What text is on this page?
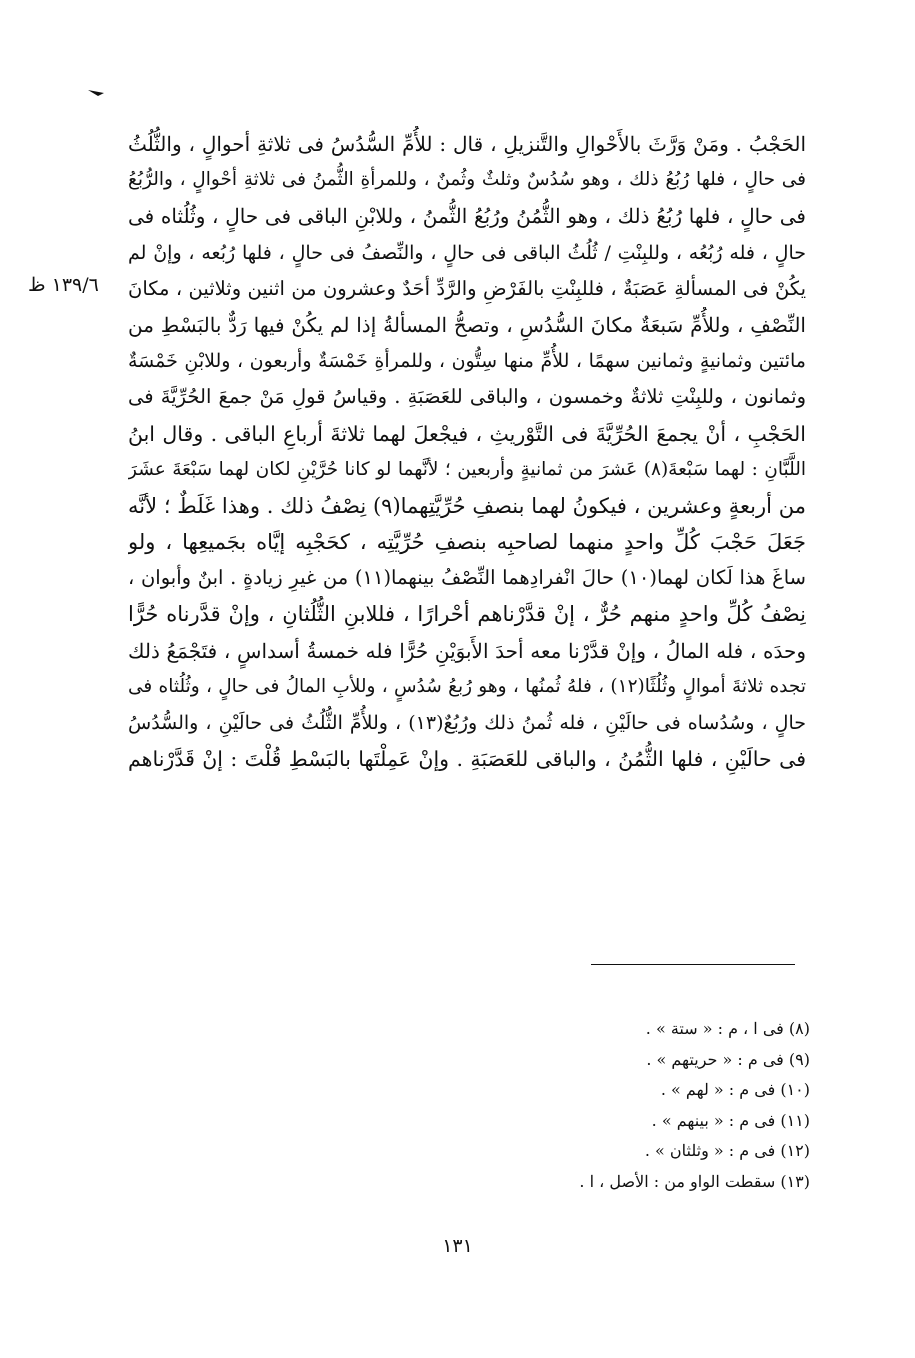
١٣٩/٦ ظ
الحَجْبُ . ومَنْ وَرَّثَ بالأَحْوالِ والتَّنزيلِ ، قال : للأُمِّ السُّدُسُ فى ثلاثةِ أحوالٍ ، والثُّلُثُ
فى حالٍ ، فلها رُبُعُ ذلك ، وهو سُدُسٌ وثلثٌ وثُمنٌ ، وللمرأةِ الثُّمنُ فى ثلاثةِ أحْوالٍ ، والرُّبُعُ
فى حالٍ ، فلها رُبُعُ ذلك ، وهو الثُّمُنُ ورُبُعُ الثُّمنُ ، وللابْنِ الباقى فى حالٍ ، وثُلُثاه فى
حالٍ ، فله رُبُعُه ، وللبِنْتِ / ثُلُثُ الباقى فى حالٍ ، والنِّصفُ فى حالٍ ، فلها رُبُعه ، وإنْ لم
يكُنْ فى المسألةِ عَصَبَةٌ ، فللبِنْتِ بالفَرْضِ والرَّدِّ أحَدٌ وعشرون من اثنين وثلاثين ، مكانَ
النِّصْفِ ، وللأُمِّ سَبعَةٌ مكانَ السُّدُسِ ، وتصحُّ المسألةُ إذا لم يكُنْ فيها رَدٌّ بالبَسْطِ من
مائتين وثمانيةٍ وثمانين سهمًا ، للأُمِّ منها سِتُّون ، وللمرأةِ خَمْسَةٌ وأربعون ، وللابْنِ خَمْسَةٌ
وثمانون ، وللبِنْتِ ثلاثةٌ وخمسون ، والباقى للعَصَبَةِ . وقياسُ قولِ مَنْ جمعَ الحُرِّيَّةَ فى
الحَجْبِ ، أنْ يجمعَ الحُرِّيَّةَ فى التَّوْريثِ ، فيجْعلَ لهما ثلاثةَ أرباعِ الباقى . وقال ابنُ
اللَّبَّانِ : لهما سَبْعةَ(٨) عَشرَ من ثمانيةٍ وأربعين ؛ لأنَّهما لو كانا حُرَّيْنِ لكان لهما سَبْعَةَ عشَرَ
من أربعةٍ وعشرين ، فيكونُ لهما بنصفِ حُرِّيَّتِهما(٩) نِصْفُ ذلك . وهذا غَلَطٌ ؛ لأنَّه
جَعَلَ حَجْبَ كُلِّ واحدٍ منهما لصاحبِه بنصفِ حُرِّيَّتِه ، كحَجْبِه إيَّاه بجَميعِها ، ولو
ساغَ هذا لَكان لهما(١٠) حالَ انْفرادِهما النِّصْفُ بينهما(١١) من غيرِ زيادةٍ . ابنٌ وأبوان ،
نِصْفُ كُلِّ واحدٍ منهم حُرٌّ ، إنْ قدَّرْناهم أحْرارًا ، فللابنِ الثُّلُثانِ ، وإنْ قدَّرناه حُرًّا
وحدَه ، فله المالُ ، وإنْ قدَّرْنا معه أحدَ الأَبوَيْنِ حُرًّا فله خمسةُ أسداسٍ ، فتَجْمَعُ ذلك
تجده ثلاثةَ أموالٍ وثُلُثًا(١٢) ، فلهُ ثُمنُها ، وهو رُبعُ سُدُسٍ ، وللأبِ المالُ فى حالٍ ، وثُلُثاه فى
حالٍ ، وسُدُساه فى حالَيْنِ ، فله ثُمنُ ذلك ورُبُعٌ(١٣) ، وللأُمِّ الثُّلُثُ فى حالَيْنِ ، والسُّدُسُ
فى حالَيْنِ ، فلها الثُّمُنُ ، والباقى للعَصَبَةِ . وإنْ عَمِلْتَها بالبَسْطِ قُلْتَ : إنْ قَدَّرْناهم
(٨) فى ا ، م : « ستة » .
(٩) فى م : « حريتهم » .
(١٠) فى م : « لهم » .
(١١) فى م : « بينهم » .
(١٢) فى م : « وثلثان » .
(١٣) سقطت الواو من : الأصل ، ا .
١٣١
